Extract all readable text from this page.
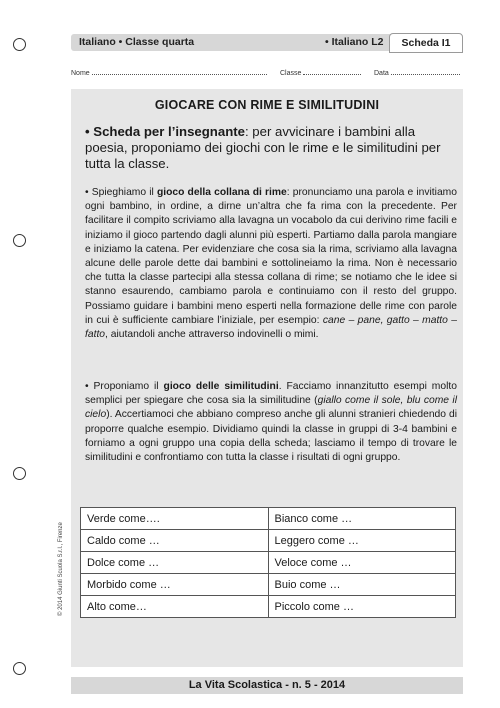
Italiano • Classe quarta	• Italiano L2	Scheda I1
Nome	Classe	Data
GIOCARE CON RIME E SIMILITUDINI
• Scheda per l’insegnante: per avvicinare i bambini alla poesia, proponiamo dei giochi con le rime e le similitudini per tutta la classe.
• Spieghiamo il gioco della collana di rime: pronunciamo una parola e invitiamo ogni bambino, in ordine, a dirne un’altra che fa rima con la precedente. Per facilitare il compito scriviamo alla lavagna un vocabolo da cui derivino rime facili e iniziamo il gioco partendo dagli alunni più esperti. Partiamo dalla parola mangiare e iniziamo la catena. Per evidenziare che cosa sia la rima, scriviamo alla lavagna alcune delle parole dette dai bambini e sottolineiamo la rima. Non è necessario che tutta la classe partecipi alla stessa collana di rime; se notiamo che le idee si stanno esaurendo, cambiamo parola e continuiamo con il resto del gruppo. Possiamo guidare i bambini meno esperti nella formazione delle rime con parole in cui è sufficiente cambiare l’iniziale, per esempio: cane – pane, gatto – matto – fatto, aiutandoli anche attraverso indovinelli o mimi.
• Proponiamo il gioco delle similitudini. Facciamo innanzitutto esempi molto semplici per spiegare che cosa sia la similitudine (giallo come il sole, blu come il cielo). Accertiamoci che abbiano compreso anche gli alunni stranieri chiedendo di proporre qualche esempio. Dividiamo quindi la classe in gruppi di 3-4 bambini e forniamo a ogni gruppo una copia della scheda; lasciamo il tempo di trovare le similitudini e confrontiamo con tutta la classe i risultati di ogni gruppo.
Verde come….	Bianco come …
Caldo come …	Leggero come …
Dolce come …	Veloce come …
Morbido come …	Buio come …
Alto come…	Piccolo come …
© 2014 Giunti Scuola S.r.l., Firenze
La Vita Scolastica - n. 5 - 2014
